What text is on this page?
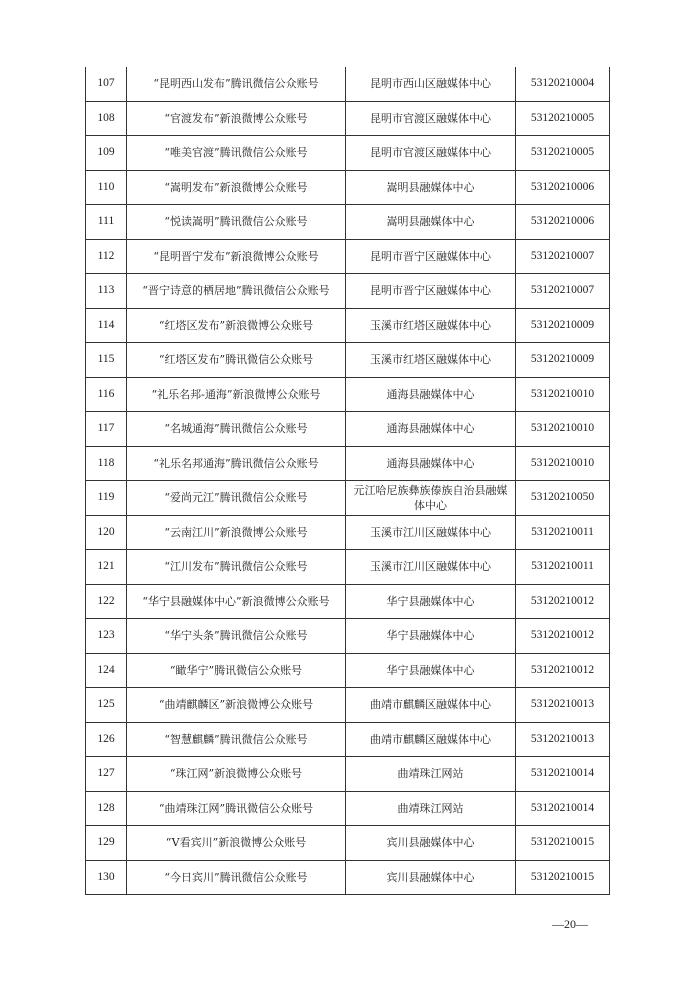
107	“昆明西山发布”腾讯微信公众账号	昆明市西山区融媒体中心	53120210004
108	“官渡发布”新浪微博公众账号	昆明市官渡区融媒体中心	53120210005
109	“唯美官渡”腾讯微信公众账号	昆明市官渡区融媒体中心	53120210005
110	“嵩明发布”新浪微博公众账号	嵩明县融媒体中心	53120210006
111	“悦读嵩明”腾讯微信公众账号	嵩明县融媒体中心	53120210006
112	“昆明晋宁发布”新浪微博公众账号	昆明市晋宁区融媒体中心	53120210007
113	“晋宁诗意的栖居地”腾讯微信公众账号	昆明市晋宁区融媒体中心	53120210007
114	“红塔区发布”新浪微博公众账号	玉溪市红塔区融媒体中心	53120210009
115	“红塔区发布”腾讯微信公众账号	玉溪市红塔区融媒体中心	53120210009
116	“礼乐名邦-通海”新浪微博公众账号	通海县融媒体中心	53120210010
117	“名城通海”腾讯微信公众账号	通海县融媒体中心	53120210010
118	“礼乐名邦通海”腾讯微信公众账号	通海县融媒体中心	53120210010
119	“爱尚元江”腾讯微信公众账号	元江哈尼族彝族傣族自治县融媒体中心	53120210050
120	“云南江川”新浪微博公众账号	玉溪市江川区融媒体中心	53120210011
121	“江川发布”腾讯微信公众账号	玉溪市江川区融媒体中心	53120210011
122	“华宁县融媒体中心”新浪微博公众账号	华宁县融媒体中心	53120210012
123	“华宁头条”腾讯微信公众账号	华宁县融媒体中心	53120210012
124	“瞰华宁”腾讯微信公众账号	华宁县融媒体中心	53120210012
125	“曲靖麒麟区”新浪微博公众账号	曲靖市麒麟区融媒体中心	53120210013
126	“智慧麒麟”腾讯微信公众账号	曲靖市麒麟区融媒体中心	53120210013
127	“珠江网”新浪微博公众账号	曲靖珠江网站	53120210014
128	“曲靖珠江网”腾讯微信公众账号	曲靖珠江网站	53120210014
129	“V看宾川”新浪微博公众账号	宾川县融媒体中心	53120210015
130	“今日宾川”腾讯微信公众账号	宾川县融媒体中心	53120210015
—20—
